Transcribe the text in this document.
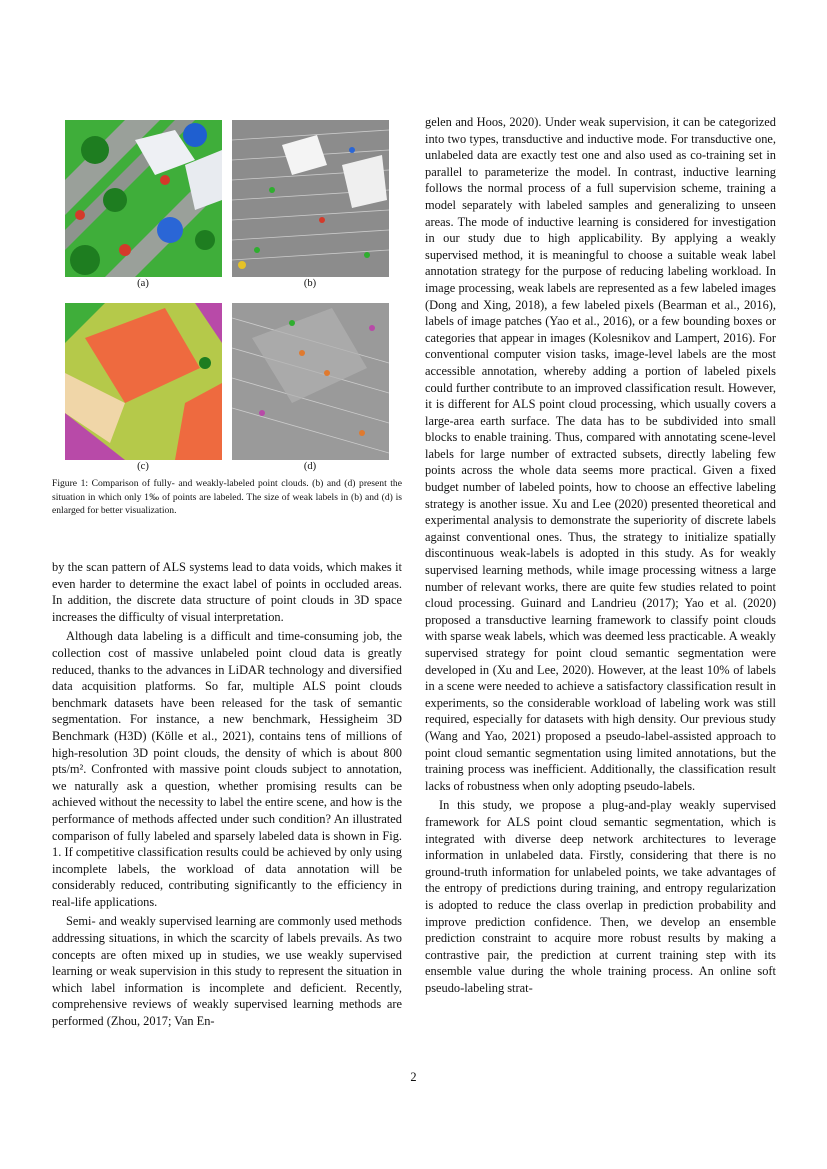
(a)	(b)
(c)	(d)
Figure 1: Comparison of fully- and weakly-labeled point clouds. (b) and (d) present the situation in which only 1‰ of points are labeled. The size of weak labels in (b) and (d) is enlarged for better visualization.

by the scan pattern of ALS systems lead to data voids, which makes it even harder to determine the exact label of points in occluded areas. In addition, the discrete data structure of point clouds in 3D space increases the difficulty of visual interpretation.

Although data labeling is a difficult and time-consuming job, the collection cost of massive unlabeled point cloud data is greatly reduced, thanks to the advances in LiDAR technology and diversified data acquisition platforms. So far, multiple ALS point clouds benchmark datasets have been released for the task of semantic segmentation. For instance, a new benchmark, Hessigheim 3D Benchmark (H3D) (Kölle et al., 2021), contains tens of millions of high-resolution 3D point clouds, the density of which is about 800 pts/m². Confronted with massive point clouds subject to annotation, we naturally ask a question, whether promising results can be achieved without the necessity to label the entire scene, and how is the performance of methods affected under such condition? An illustrated comparison of fully labeled and sparsely labeled data is shown in Fig. 1. If competitive classification results could be achieved by only using incomplete labels, the workload of data annotation will be considerably reduced, contributing significantly to the efficiency in real-life applications.

Semi- and weakly supervised learning are commonly used methods addressing situations, in which the scarcity of labels prevails. As two concepts are often mixed up in studies, we use weakly supervised learning or weak supervision in this study to represent the situation in which label information is incomplete and deficient. Recently, comprehensive reviews of weakly supervised learning methods are performed (Zhou, 2017; Van En-

gelen and Hoos, 2020). Under weak supervision, it can be categorized into two types, transductive and inductive mode. For transductive one, unlabeled data are exactly test one and also used as co-training set in parallel to parameterize the model. In contrast, inductive learning follows the normal process of a full supervision scheme, training a model separately with labeled samples and generalizing to unseen areas. The mode of inductive learning is considered for investigation in our study due to high applicability. By applying a weakly supervised method, it is meaningful to choose a suitable weak label annotation strategy for the purpose of reducing labeling workload. In image processing, weak labels are represented as a few labeled images (Dong and Xing, 2018), a few labeled pixels (Bearman et al., 2016), labels of image patches (Yao et al., 2016), or a few bounding boxes or categories that appear in images (Kolesnikov and Lampert, 2016). For conventional computer vision tasks, image-level labels are the most accessible annotation, whereby adding a portion of labeled pixels could further contribute to an improved classification result. However, it is different for ALS point cloud processing, which usually covers a large-area earth surface. The data has to be subdivided into small blocks to enable training. Thus, compared with annotating scene-level labels for large number of extracted subsets, directly labeling few points across the whole data seems more practical. Given a fixed budget number of labeled points, how to choose an effective labeling strategy is another issue. Xu and Lee (2020) presented theoretical and experimental analysis to demonstrate the superiority of discrete labels against conventional ones. Thus, the strategy to initialize spatially discontinuous weak-labels is adopted in this study. As for weakly supervised learning methods, while image processing witness a large number of relevant works, there are quite few studies related to point cloud processing. Guinard and Landrieu (2017); Yao et al. (2020) proposed a transductive learning framework to classify point clouds with sparse weak labels, which was deemed less practicable. A weakly supervised strategy for point cloud semantic segmentation were developed in (Xu and Lee, 2020). However, at the least 10% of labels in a scene were needed to achieve a satisfactory classification result in experiments, so the considerable workload of labeling work was still required, especially for datasets with high density. Our previous study (Wang and Yao, 2021) proposed a pseudo-label-assisted approach to point cloud semantic segmentation using limited annotations, but the training process was inefficient. Additionally, the classification result lacks of robustness when only adopting pseudo-labels.

In this study, we propose a plug-and-play weakly supervised framework for ALS point cloud semantic segmentation, which is integrated with diverse deep network architectures to leverage information in unlabeled data. Firstly, considering that there is no ground-truth information for unlabeled points, we take advantages of the entropy of predictions during training, and entropy regularization is adopted to reduce the class overlap in prediction probability and improve prediction confidence. Then, we develop an ensemble prediction constraint to acquire more robust results by making a contrastive pair, the prediction at current training step with its ensemble value during the whole training process. An online soft pseudo-labeling strat-

2
